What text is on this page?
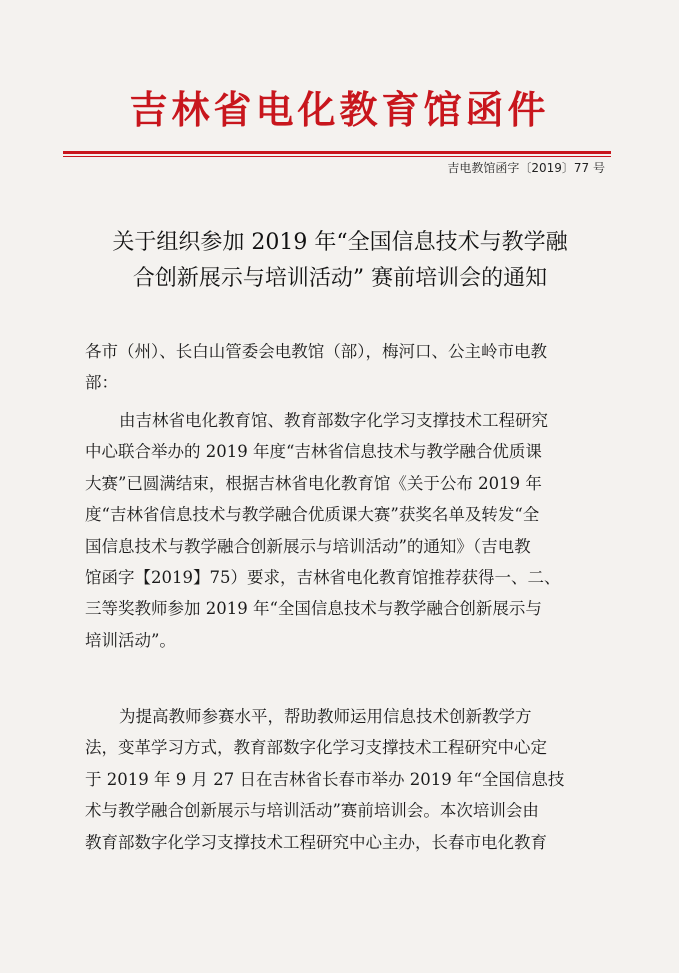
吉林省电化教育馆函件
吉电教馆函字〔2019〕77 号
关于组织参加 2019 年“全国信息技术与教学融
合创新展示与培训活动” 赛前培训会的通知
各市（州）、长白山管委会电教馆（部），梅河口、公主岭市电教
部：
由吉林省电化教育馆、教育部数字化学习支撑技术工程研究
中心联合举办的 2019 年度“吉林省信息技术与教学融合优质课
大赛”已圆满结束，根据吉林省电化教育馆《关于公布 2019 年
度“吉林省信息技术与教学融合优质课大赛”获奖名单及转发“全
国信息技术与教学融合创新展示与培训活动”的通知》（吉电教
馆函字【2019】75）要求，吉林省电化教育馆推荐获得一、二、
三等奖教师参加 2019 年“全国信息技术与教学融合创新展示与
培训活动”。
为提高教师参赛水平，帮助教师运用信息技术创新教学方
法，变革学习方式，教育部数字化学习支撑技术工程研究中心定
于 2019 年 9 月 27 日在吉林省长春市举办 2019 年“全国信息技
术与教学融合创新展示与培训活动”赛前培训会。本次培训会由
教育部数字化学习支撑技术工程研究中心主办，长春市电化教育
